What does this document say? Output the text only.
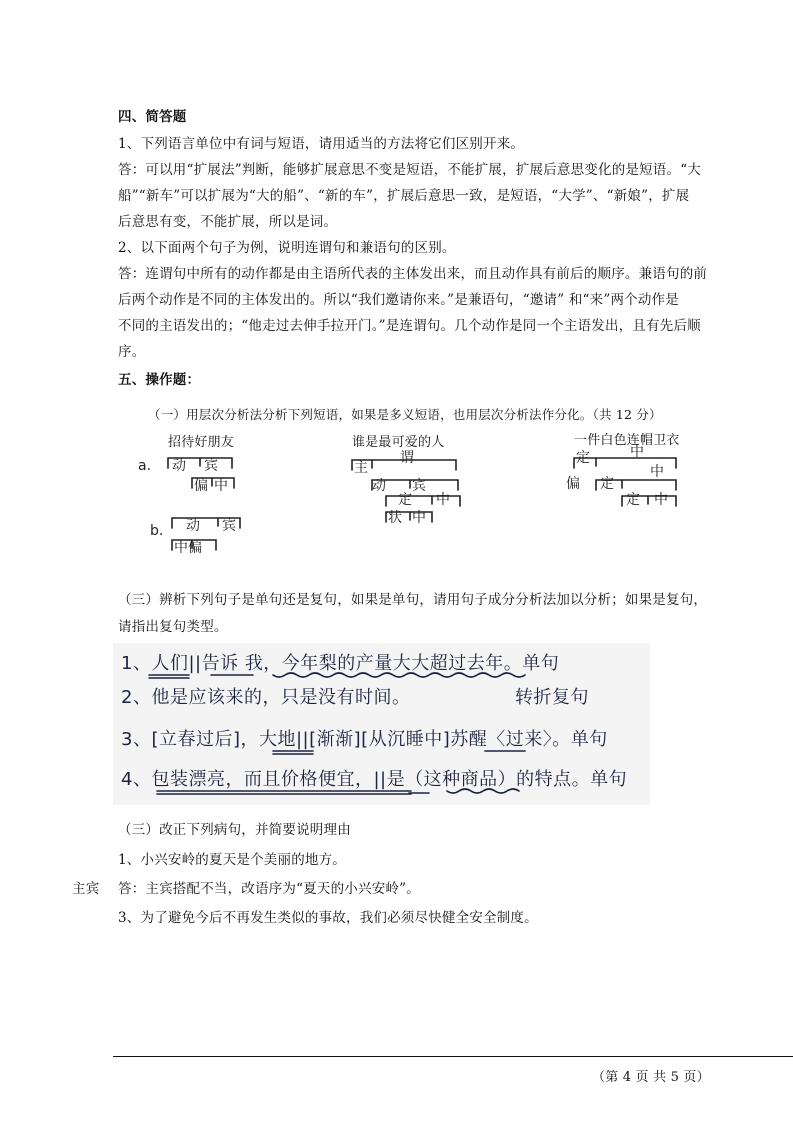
四、简答题
1、下列语言单位中有词与短语，请用适当的方法将它们区别开来。
答：可以用“扩展法”判断，能够扩展意思不变是短语，不能扩展，扩展后意思变化的是短语。“大
船”“新车”可以扩展为“大的船”、“新的车”，扩展后意思一致，是短语，“大学”、“新娘”，扩展
后意思有变，不能扩展，所以是词。
2、以下面两个句子为例，说明连谓句和兼语句的区别。
答：连谓句中所有的动作都是由主语所代表的主体发出来，而且动作具有前后的顺序。兼语句的前
后两个动作是不同的主体发出的。所以“我们邀请你来。”是兼语句，“邀请” 和“来”两个动作是
不同的主语发出的；“他走过去伸手拉开门。”是连谓句。几个动作是同一个主语发出，且有先后顺
序。
五、操作题：
（一）用层次分析法分析下列短语，如果是多义短语，也用层次分析法作分化。（共 12 分）
招待好朋友	谁是最可爱的人	一件白色连帽卫衣
a. 动 宾
偏 中
b. 动 宾
中偏
主
谓
动 宾
定 中
状 中
定	中
偏 定
中
定 中
（三）辨析下列句子是单句还是复句，如果是单句，请用句子成分分析法加以分析；如果是复句，
请指出复句类型。
1、人们||告诉 我，今年梨的产量大大超过去年。单句
2、他是应该来的，只是没有时间。	转折复句
3、[立春过后]，大地||[渐渐][从沉睡中]苏醒〈过来〉。单句
4、包装漂亮，而且价格便宜，||是（这种商品）的特点。单句
（三）改正下列病句，并简要说明理由
1、小兴安岭的夏天是个美丽的地方。
主宾 答：主宾搭配不当，改语序为“夏天的小兴安岭”。
3、为了避免今后不再发生类似的事故，我们必须尽快健全安全制度。
（第 4 页 共 5 页）
